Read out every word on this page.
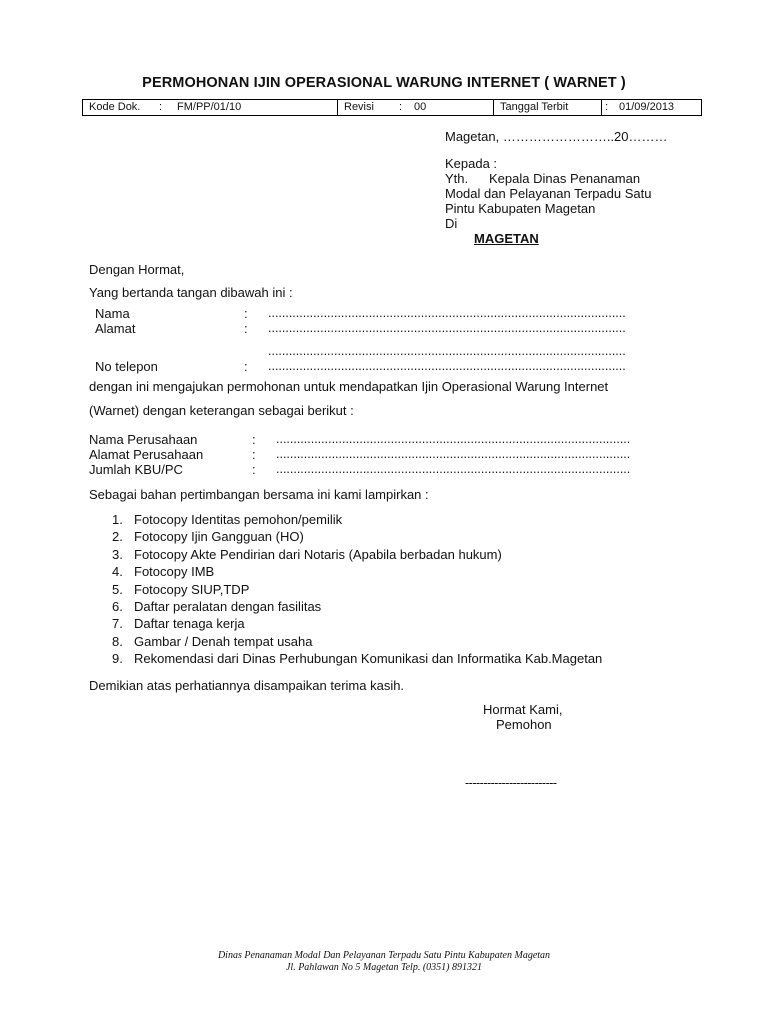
PERMOHONAN IJIN OPERASIONAL WARUNG INTERNET ( WARNET )
Kode Dok.	:	FM/PP/01/10	Revisi	:	00	Tanggal Terbit	: 01/09/2013
Magetan, ……………………..20………
Kepada :
Yth. Kepala Dinas Penanaman
Modal dan Pelayanan Terpadu Satu
Pintu Kabupaten Magetan
Di
MAGETAN
Dengan Hormat,
Yang bertanda tangan dibawah ini :
Nama	: .......................................................................................................
Alamat	: .......................................................................................................
.......................................................................................................
No telepon	: .......................................................................................................
dengan ini mengajukan permohonan untuk mendapatkan Ijin Operasional Warung Internet
(Warnet) dengan keterangan sebagai berikut :
Nama Perusahaan	: ......................................................................................................
Alamat Perusahaan	: ......................................................................................................
Jumlah KBU/PC	: ......................................................................................................
Sebagai bahan pertimbangan bersama ini kami lampirkan :
1. Fotocopy Identitas pemohon/pemilik
2. Fotocopy Ijin Gangguan (HO)
3. Fotocopy Akte Pendirian dari Notaris (Apabila berbadan hukum)
4. Fotocopy IMB
5. Fotocopy SIUP,TDP
6. Daftar peralatan dengan fasilitas
7. Daftar tenaga kerja
8. Gambar / Denah tempat usaha
9. Rekomendasi dari Dinas Perhubungan Komunikasi dan Informatika Kab.Magetan
Demikian atas perhatiannya disampaikan terima kasih.
Hormat Kami,
Pemohon
-------------------------
Dinas Penanaman Modal Dan Pelayanan Terpadu Satu Pintu Kabupaten Magetan
Jl. Pahlawan No 5 Magetan Telp. (0351) 891321
